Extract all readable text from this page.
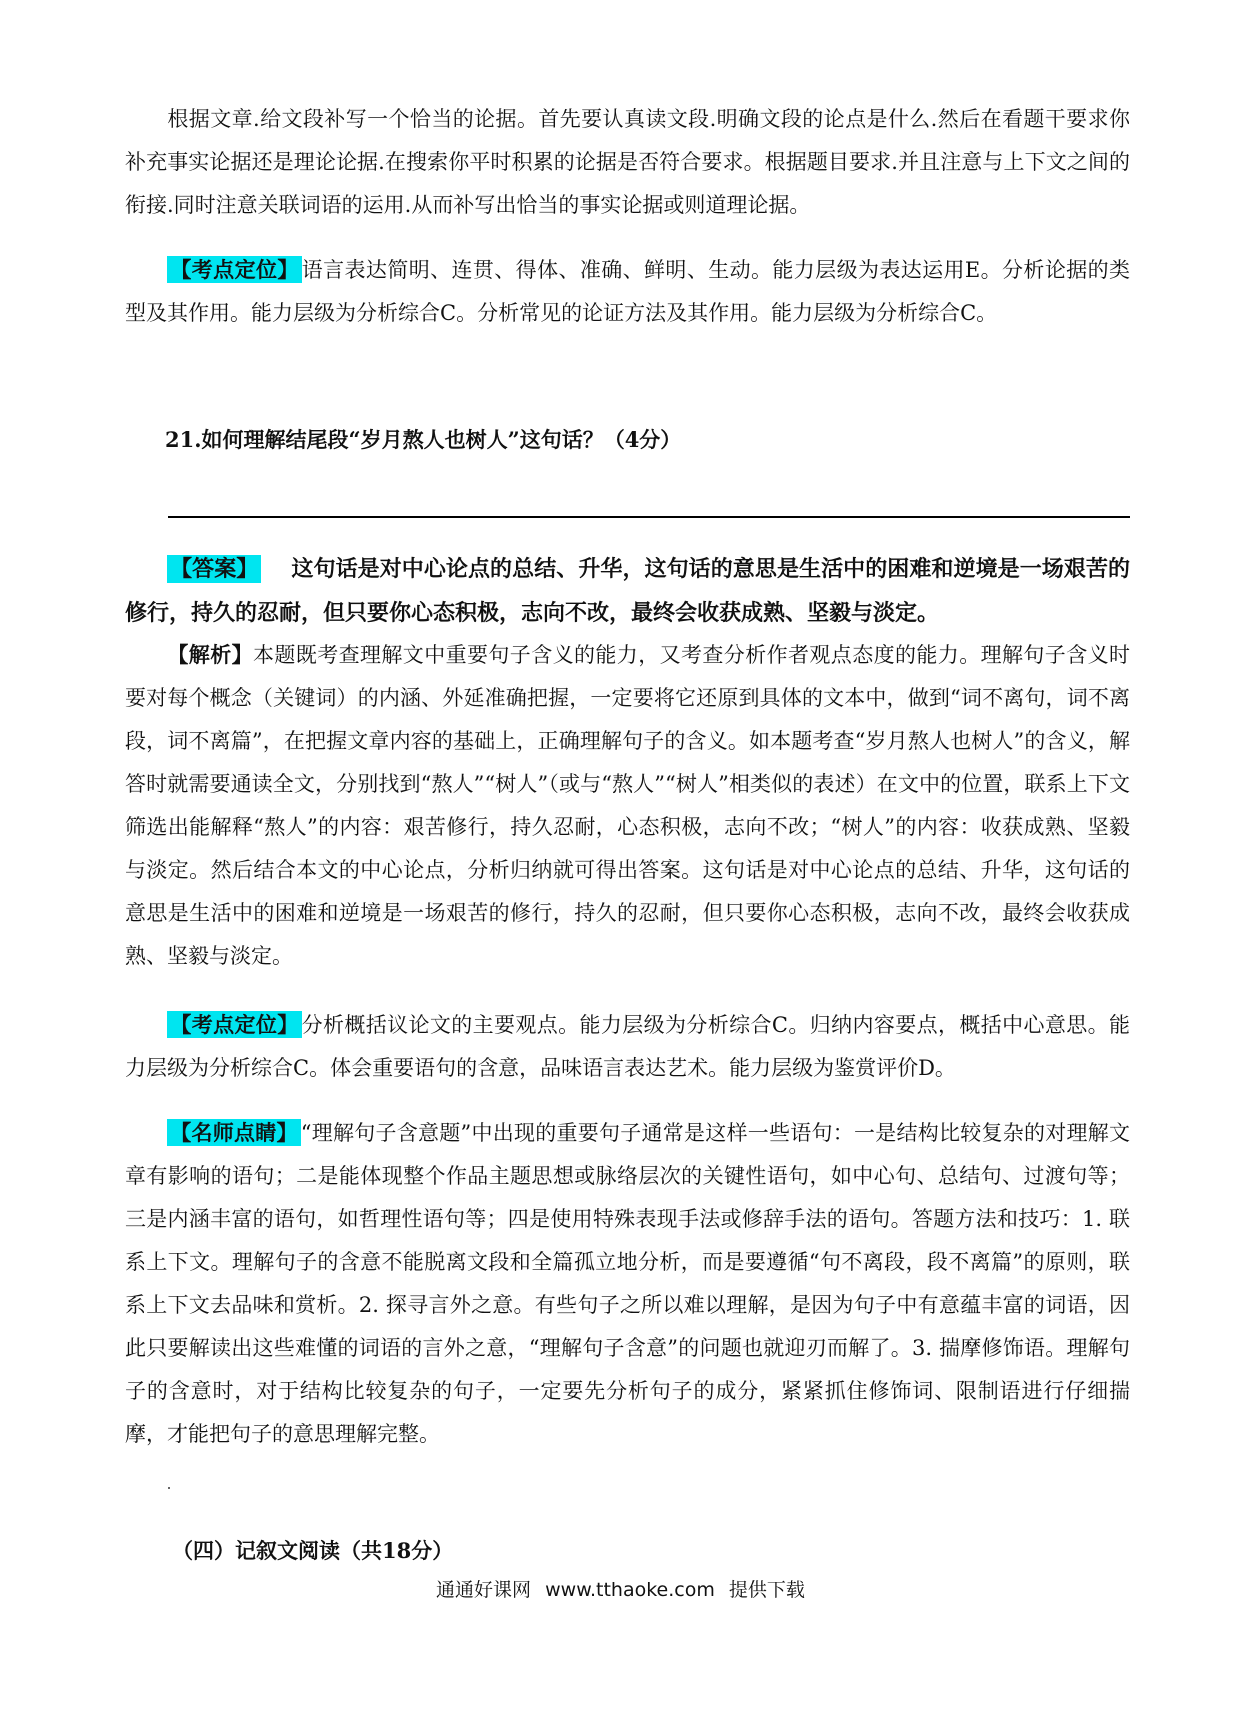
根据文章.给文段补写一个恰当的论据。首先要认真读文段.明确文段的论点是什么.然后在看题干要求你补充事实论据还是理论论据.在搜索你平时积累的论据是否符合要求。根据题目要求.并且注意与上下文之间的衔接.同时注意关联词语的运用.从而补写出恰当的事实论据或则道理论据。

【考点定位】 语言表达简明、连贯、得体、准确、鲜明、生动。能力层级为表达运用E。分析论据的类型及其作用。能力层级为分析综合C。分析常见的论证方法及其作用。能力层级为分析综合C。

21.如何理解结尾段“岁月熬人也树人”这句话？（4分）

【答案】 这句话是对中心论点的总结、升华，这句话的意思是生活中的困难和逆境是一场艰苦的修行，持久的忍耐，但只要你心态积极，志向不改，最终会收获成熟、坚毅与淡定。

【解析】本题既考查理解文中重要句子含义的能力，又考查分析作者观点态度的能力。理解句子含义时要对每个概念（关键词）的内涵、外延准确把握，一定要将它还原到具体的文本中，做到“词不离句，词不离段，词不离篇”，在把握文章内容的基础上，正确理解句子的含义。如本题考查“岁月熬人也树人”的含义，解答时就需要通读全文，分别找到“熬人”“树人”（或与“熬人”“树人”相类似的表述）在文中的位置，联系上下文筛选出能解释“熬人”的内容：艰苦修行，持久忍耐，心态积极，志向不改；“树人”的内容：收获成熟、坚毅与淡定。然后结合本文的中心论点，分析归纳就可得出答案。这句话是对中心论点的总结、升华，这句话的意思是生活中的困难和逆境是一场艰苦的修行，持久的忍耐，但只要你心态积极，志向不改，最终会收获成熟、坚毅与淡定。

【考点定位】 分析概括议论文的主要观点。能力层级为分析综合C。归纳内容要点，概括中心意思。能力层级为分析综合C。体会重要语句的含意，品味语言表达艺术。能力层级为鉴赏评价D。

【名师点睛】 “理解句子含意题”中出现的重要句子通常是这样一些语句：一是结构比较复杂的对理解文章有影响的语句；二是能体现整个作品主题思想或脉络层次的关键性语句，如中心句、总结句、过渡句等；三是内涵丰富的语句，如哲理性语句等；四是使用特殊表现手法或修辞手法的语句。答题方法和技巧：1. 联系上下文。理解句子的含意不能脱离文段和全篇孤立地分析，而是要遵循“句不离段，段不离篇”的原则，联系上下文去品味和赏析。2. 探寻言外之意。有些句子之所以难以理解，是因为句子中有意蕴丰富的词语，因此只要解读出这些难懂的词语的言外之意，“理解句子含意”的问题也就迎刃而解了。3. 揣摩修饰语。理解句子的含意时，对于结构比较复杂的句子，一定要先分析句子的成分，紧紧抓住修饰词、限制语进行仔细揣摩，才能把句子的意思理解完整。

（四）记叙文阅读（共18分）
通通好课网 www.tthaoke.com 提供下载
